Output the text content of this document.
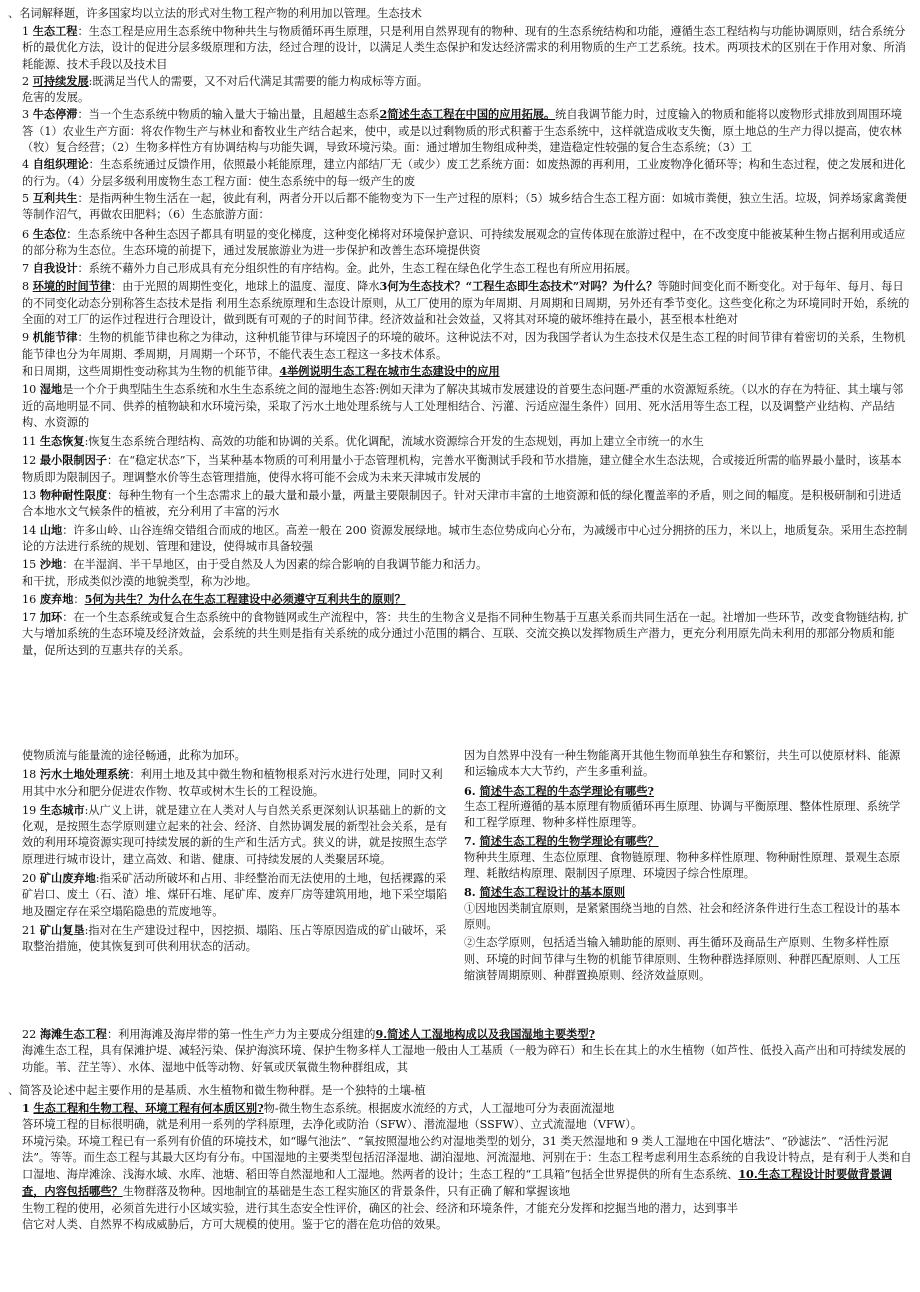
、名词解释题，许多国家均以立法的形式对生物工程产物的利用加以管理。生态技术

1 生态工程：生态工程是应用生态系统中物种共生与物质循环再生原理，只是利用自然界现有的物种、现有的生态系统结构和功能，遵循生态工程结构与功能协调原则，结合系统分析的最优化方法，设计的促进分层多级原理和方法，经过合理的设计，以满足人类生态保护和发达经济需求的利用物质的生产工艺系统。技术。两项技术的区别在于作用对象、所消耗能源、技术手段以及技术目

2 可持续发展:既满足当代人的需要，又不对后代满足其需要的能力构成标等方面。

危害的发展。

3 牛态停滞：当一个生态系统中物质的输入量大于输出量，且超越生态系2简述生态工程在中国的应用拓展。统自我调节能力时，过度输入的物质和能将以废物形式排放到周围环境答（1）农业生产方面：将农作物生产与林业和畜牧业生产结合起来，使中，或是以过剩物质的形式积蓄于生态系统中，这样就造成收支失衡，原土地总的生产力得以提高，使农林（牧）复合经营；（2）生物多样性方有协调结构与功能失调，导致环境污染。面：通过增加生物组成种类，建造稳定性较强的复合生态系统；（3）工

4 自组织理论：生态系统通过反馈作用，依照最小耗能原理，建立内部结厂无（或少）废工艺系统方面：如废热源的再利用，工业废物净化循环等；构和生态过程，使之发展和进化的行为。（4）分层多级利用废物生态工程方面：使生态系统中的每一级产生的废

5 互利共生：是指两种生物生活在一起，彼此有利，两者分开以后都不能物变为下一生产过程的原料；（5）城乡结合生态工程方面：如城市粪便，独立生活。垃圾，饲养场家禽粪便等制作沼气，再做农田肥料；（6）生态旅游方面：

6 生态位：生态系统中各种生态因子都具有明显的变化梯度，这种变化梯将对环境保护意识、可持续发展观念的宣传体现在旅游过程中，在不改变度中能被某种生物占据利用或适应的部分称为生态位。生态环境的前提下，通过发展旅游业为进一步保护和改善生态环境提供资

7 自我设计：系统不藉外力自己形成具有充分组织性的有序结构。金。此外，生态工程在绿色化学生态工程也有所应用拓展。

8 环境的时间节律：由于光照的周期性变化，地球上的温度、湿度、降水3何为生态技术？“工程生态即生态技术”对吗？为什么？等随时间变化而不断变化。对于每年、每月、每日的不同变化动态分别称答生态技术是指 利用生态系统原理和生态设计原则，从工厂使用的原为年周期、月周期和日周期，另外还有季节变化。这些变化称之为环境同时开始，系统的全面的对工厂的运作过程进行合理设计，做到既有可观的子的时间节律。经济效益和社会效益，又将其对环境的破坏维持在最小，甚至根本杜绝对

9 机能节律：生物的机能节律也称之为律动，这种机能节律与环境因子的环境的破坏。这种说法不对，因为我国学者认为生态技术仅是生态工程的时间节律有着密切的关系，生物机能节律也分为年周期、季周期，月周期一个环节，不能代表生态工程这一多技术体系。

和日周期，这些周期性变动称其为生物的机能节律。4举例说明生态工程在城市生态建设中的应用

10 湿地是一个介于典型陆生生态系统和水生生态系统之间的湿地生态答:例如天津为了解决其城市发展建设的首要生态问题-严重的水资源短系统。（以水的存在为特征、其土壤与邻近的高地明显不同、供养的植物缺和水环境污染，采取了污水土地处理系统与人工处理相结合、污灌、污适应湿生条件）回用、死水活用等生态工程，以及调整产业结构、产品结构、水资源的

11 生态恢复:恢复生态系统合理结构、高效的功能和协调的关系。优化调配，流域水资源综合开发的生态规划，再加上建立全市统一的水生

12 最小限制因子：在“稳定状态”下，当某种基本物质的可利用量小于态管理机构，完善水平衡测试手段和节水措施，建立健全水生态法规，合或接近所需的临界最小量时，该基本物质即为限制因子。理调整水价等生态管理措施，使得水将可能不会成为未来天津城市发展的

13 物种耐性限度：每种生物有一个生态需求上的最大量和最小量，两量主要限制因子。针对天津市丰富的土地资源和低的绿化覆盖率的矛盾，则之间的幅度。是积极研制和引进适合本地水文气候条件的植被，充分利用了丰富的污水

14 山地：许多山岭、山谷连绵交错组合而成的地区。高差一般在 200 资源发展绿地。城市生态位势成向心分布，为减缓市中心过分拥挤的压力，米以上，地质复杂。采用生态控制论的方法进行系统的规划、管理和建设，使得城市具备较强

15 沙地：在半湿润、半干旱地区，由于受自然及人为因素的综合影响的自我调节能力和活力。

和干扰，形成类似沙漠的地貌类型，称为沙地。

16 废弃地：5何为共生？为什么在生态工程建设中必须遵守互利共生的原则？

17 加环：在一个生态系统或复合生态系统中的食物链网或生产流程中，答：共生的生物含义是指不同种生物基于互惠关系而共同生活在一起。社增加一些环节，改变食物链结构, 扩大与增加系统的生态环境及经济效益，会系统的共生则是指有关系统的成分通过小范围的耦合、互联、交流交换以发挥物质生产潜力，更充分利用原先尚未利用的那部分物质和能量，促所达到的互惠共存的关系。

使物质流与能量流的途径畅通，此称为加环。

18 污水土地处理系统：利用土地及其中微生物和植物根系对污水进行处理，同时又利用其中水分和肥分促进农作物、牧草或树木生长的工程设施。

19 生态城市:从广义上讲，就是建立在人类对人与自然关系更深刻认识基础上的新的文化观，是按照生态学原则建立起来的社会、经济、自然协调发展的新型社会关系，是有效的利用环境资源实现可持续发展的新的生产和生活方式。狭义的讲，就是按照生态学原理进行城市设计，建立高效、和谐、健康、可持续发展的人类聚居环境。

20 矿山废弃地:指采矿活动所破坏和占用、非经整治而无法使用的土地，包括裸露的采矿岩口、废土（石、渣）堆、煤矸石堆、尾矿库、废弃厂房等建筑用地，地下采空塌陷地及圈定存在采空塌陷隐患的荒废地等。

21 矿山复垦:指对在生产建设过程中，因挖损、塌陷、压占等原因造成的矿山破坏，采取整治措施，使其恢复到可供利用状态的活动。

因为自然界中没有一种生物能离开其他生物而单独生存和繁衍，共生可以使原材料、能源和运输成本大大节约，产生多重利益。

6. 简述牛态工程的牛态学理论有哪些?

生态工程所遵循的基本原理有物质循环再生原理、协调与平衡原理、整体性原理、系统学和工程学原理、物种多样性原理等。

7. 简述生态工程的生物学理论有哪些？

物种共生原理、生态位原理、食物链原理、物种多样性原理、物种耐性原理、景观生态原理、耗散结构原理、限制因子原理、环境因子综合性原理。

8. 简述生态工程设计的基本原则

①因地因类制宜原则，是紧紧围绕当地的自然、社会和经济条件进行生态工程设计的基本原则。

②生态学原则，包括适当输入辅助能的原则、再生循环及商品生产原则、生物多样性原则、环境的时间节律与生物的机能节律原则、生物种群选择原则、种群匹配原则、人工压缩演替周期原则、种群置换原则、经济效益原则。

22 海滩生态工程：利用海滩及海岸带的第一性生产力为主要成分组建的9.简述人工湿地构成以及我国湿地主要类型?

海滩生态工程，具有保滩护堤、减轻污染、保护海滨环境、保护生物多样人工湿地一般由人工基质（一般为碎石）和生长在其上的水生植物（如芦性、低投入高产出和可持续发展的功能。苇、茳芏等）、水体、湿地中低等动物、好氧或厌氧微生物种群组成，其

、简答及论述中起主要作用的是基质、水生植物和微生物种群。是一个独特的土壤-植

1 生态工程和生物工程、环境工程有何本质区别?物-微生物生态系统。根据废水流经的方式，人工湿地可分为表面流湿地

答环境工程的目标很明确，就是利用一系列的学科原理，去净化或防治（SFW）、潜流湿地（SSFW）、立式流湿地（VFW）。

环境污染。环境工程已有一系列有价值的环境技术，如“曝气池法”、“氧按照湿地公约对湿地类型的划分，31 类天然湿地和 9 类人工湿地在中国化塘法”、“砂滤法”、“活性污泥法”。等等。而生态工程与其最大区均有分布。中国湿地的主要类型包括沼泽湿地、湖泊湿地、河流湿地、河别在于：生态工程考虑利用生态系统的自我设计特点，是有利于人类和自口湿地、海岸滩涂、浅海水域、水库、池塘、稻田等自然湿地和人工湿地。然两者的设计；生态工程的“工具箱”包括全世界提供的所有生态系统、10.生态工程设计时要做背景调查，内容包括哪些？生物群落及物种。因地制宜的基础是生态工程实施区的背景条件，只有正确了解和掌握该地

生物工程的使用，必须首先进行小区域实验，进行其生态安全性评价，确区的社会、经济和环境条件，才能充分发挥和挖掘当地的潜力，达到事半

信它对人类、自然界不构成威胁后，方可大规模的使用。鉴于它的潜在危功倍的效果。
